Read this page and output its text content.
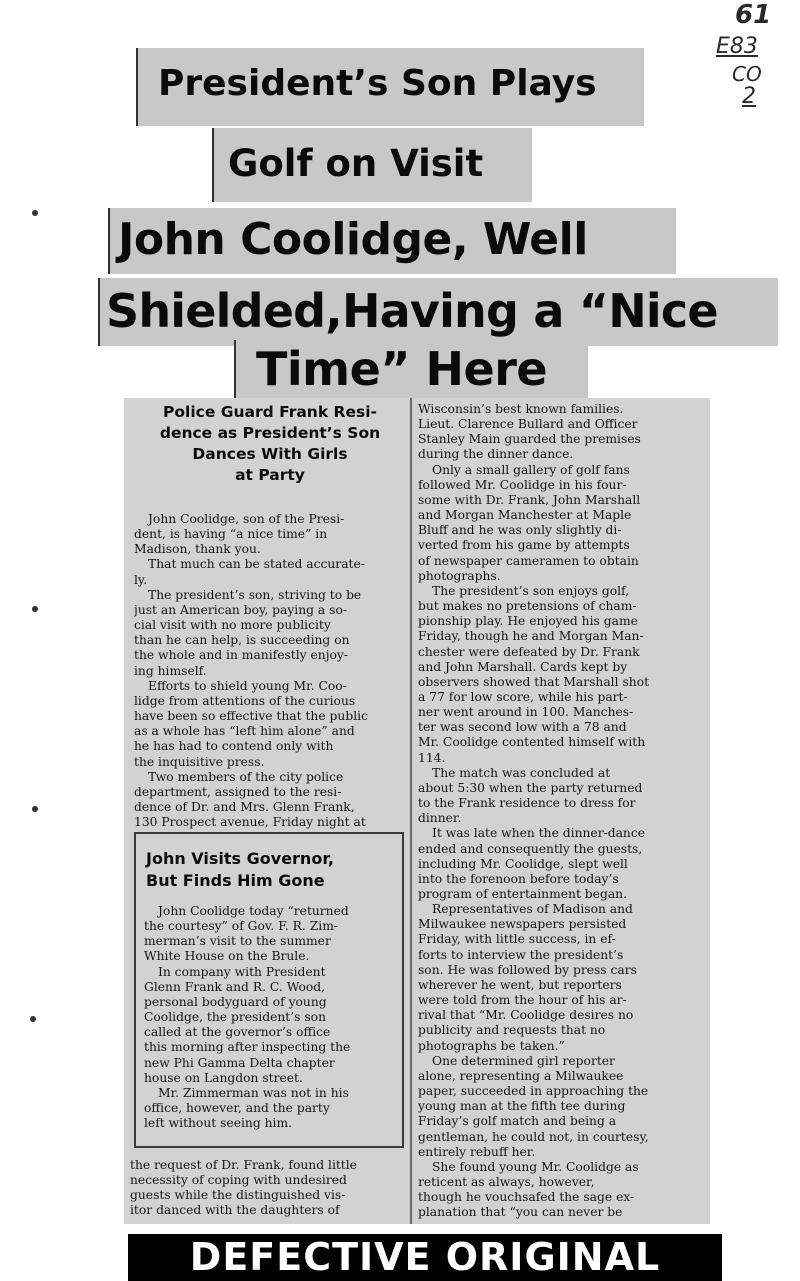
61
E83
CO
2
President’s Son Plays
Golf on Visit
John Coolidge, Well
Shielded,Having a “Nice
Time” Here
Police Guard Frank Resi-
dence as President’s Son
Dances With Girls
at Party
John Coolidge, son of the Presi-
dent, is having “a nice time” in
Madison, thank you.
That much can be stated accurate-
ly.
The president’s son, striving to be
just an American boy, paying a so-
cial visit with no more publicity
than he can help, is succeeding on
the whole and in manifestly enjoy-
ing himself.
Efforts to shield young Mr. Coo-
lidge from attentions of the curious
have been so effective that the public
as a whole has “left him alone” and
he has had to contend only with
the inquisitive press.
Two members of the city police
department, assigned to the resi-
dence of Dr. and Mrs. Glenn Frank,
130 Prospect avenue, Friday night at
John Visits Governor,
But Finds Him Gone
John Coolidge today “returned
the courtesy” of Gov. F. R. Zim-
merman’s visit to the summer
White House on the Brule.
In company with President
Glenn Frank and R. C. Wood,
personal bodyguard of young
Coolidge, the president’s son
called at the governor’s office
this morning after inspecting the
new Phi Gamma Delta chapter
house on Langdon street.
Mr. Zimmerman was not in his
office, however, and the party
left without seeing him.
the request of Dr. Frank, found little
necessity of coping with undesired
guests while the distinguished vis-
itor danced with the daughters of
Wisconsin’s best known families.
Lieut. Clarence Bullard and Officer
Stanley Main guarded the premises
during the dinner dance.
Only a small gallery of golf fans
followed Mr. Coolidge in his four-
some with Dr. Frank, John Marshall
and Morgan Manchester at Maple
Bluff and he was only slightly di-
verted from his game by attempts
of newspaper cameramen to obtain
photographs.
The president’s son enjoys golf,
but makes no pretensions of cham-
pionship play. He enjoyed his game
Friday, though he and Morgan Man-
chester were defeated by Dr. Frank
and John Marshall. Cards kept by
observers showed that Marshall shot
a 77 for low score, while his part-
ner went around in 100. Manches-
ter was second low with a 78 and
Mr. Coolidge contented himself with
114.
The match was concluded at
about 5:30 when the party returned
to the Frank residence to dress for
dinner.
It was late when the dinner-dance
ended and consequently the guests,
including Mr. Coolidge, slept well
into the forenoon before today’s
program of entertainment began.
Representatives of Madison and
Milwaukee newspapers persisted
Friday, with little success, in ef-
forts to interview the president’s
son. He was followed by press cars
wherever he went, but reporters
were told from the hour of his ar-
rival that “Mr. Coolidge desires no
publicity and requests that no
photographs be taken.”
One determined girl reporter
alone, representing a Milwaukee
paper, succeeded in approaching the
young man at the fifth tee during
Friday’s golf match and being a
gentleman, he could not, in courtesy,
entirely rebuff her.
She found young Mr. Coolidge as
reticent as always, however,
though he vouchsafed the sage ex-
planation that “you can never be
DEFECTIVE ORIGINAL
